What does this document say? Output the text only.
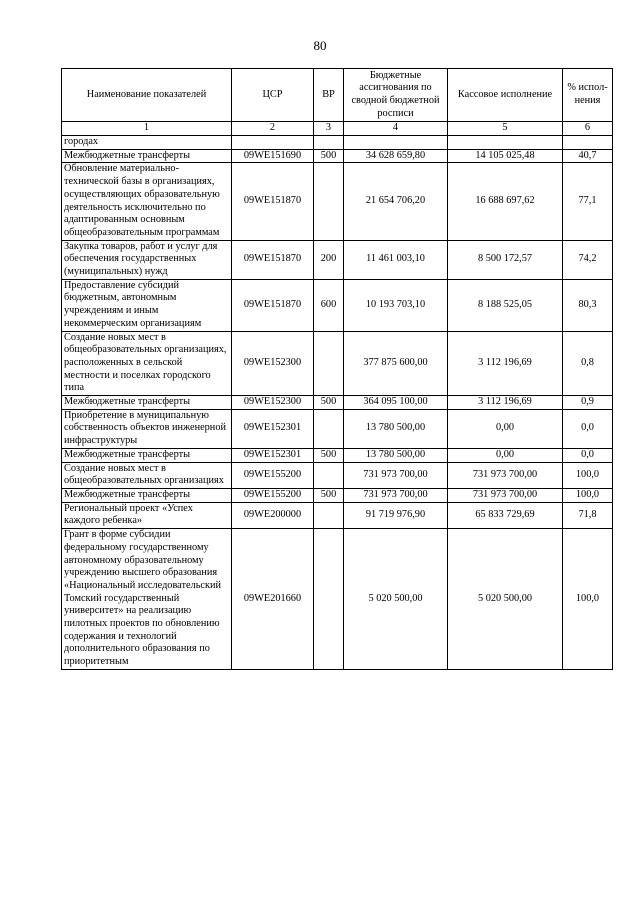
80
Наименование показателей	ЦСР	ВР	Бюджетные ассигнования по сводной бюджетной росписи	Кассовое исполнение	% испол-нения
1	2	3	4	5	6
городах					
Межбюджетные трансферты	09WE151690	500	34 628 659,80	14 105 025,48	40,7
Обновление материально-технической базы в организациях, осуществляющих образовательную деятельность исключительно по адаптированным основным общеобразовательным программам	09WE151870		21 654 706,20	16 688 697,62	77,1
Закупка товаров, работ и услуг для обеспечения государственных (муниципальных) нужд	09WE151870	200	11 461 003,10	8 500 172,57	74,2
Предоставление субсидий бюджетным, автономным учреждениям и иным некоммерческим организациям	09WE151870	600	10 193 703,10	8 188 525,05	80,3
Создание новых мест в общеобразовательных организациях, расположенных в сельской местности и поселках городского типа	09WE152300		377 875 600,00	3 112 196,69	0,8
Межбюджетные трансферты	09WE152300	500	364 095 100,00	3 112 196,69	0,9
Приобретение в муниципальную собственность объектов инженерной инфраструктуры	09WE152301		13 780 500,00	0,00	0,0
Межбюджетные трансферты	09WE152301	500	13 780 500,00	0,00	0,0
Создание новых мест в общеобразовательных организациях	09WE155200		731 973 700,00	731 973 700,00	100,0
Межбюджетные трансферты	09WE155200	500	731 973 700,00	731 973 700,00	100,0
Региональный проект «Успех каждого ребенка»	09WE200000		91 719 976,90	65 833 729,69	71,8
Грант в форме субсидии федеральному государственному автономному образовательному учреждению высшего образования «Национальный исследовательский Томский государственный университет» на реализацию пилотных проектов по обновлению содержания и технологий дополнительного образования по приоритетным	09WE201660		5 020 500,00	5 020 500,00	100,0
